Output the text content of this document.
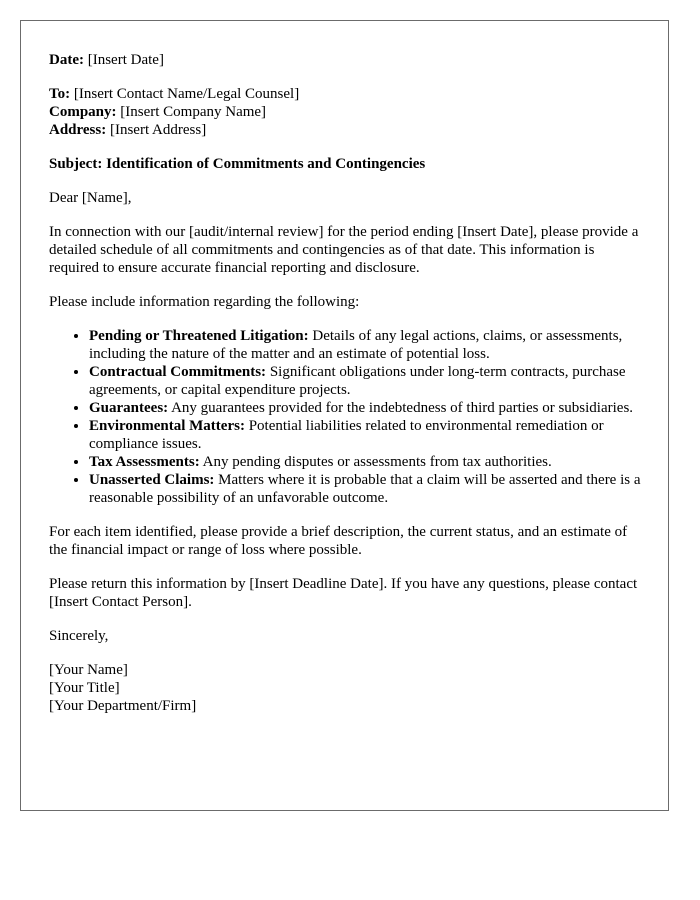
Date: [Insert Date]
To: [Insert Contact Name/Legal Counsel]
Company: [Insert Company Name]
Address: [Insert Address]
Subject: Identification of Commitments and Contingencies
Dear [Name],
In connection with our [audit/internal review] for the period ending [Insert Date], please provide a detailed schedule of all commitments and contingencies as of that date. This information is required to ensure accurate financial reporting and disclosure.
Please include information regarding the following:
• Pending or Threatened Litigation: Details of any legal actions, claims, or assessments, including the nature of the matter and an estimate of potential loss.
• Contractual Commitments: Significant obligations under long-term contracts, purchase agreements, or capital expenditure projects.
• Guarantees: Any guarantees provided for the indebtedness of third parties or subsidiaries.
• Environmental Matters: Potential liabilities related to environmental remediation or compliance issues.
• Tax Assessments: Any pending disputes or assessments from tax authorities.
• Unasserted Claims: Matters where it is probable that a claim will be asserted and there is a reasonable possibility of an unfavorable outcome.
For each item identified, please provide a brief description, the current status, and an estimate of the financial impact or range of loss where possible.
Please return this information by [Insert Deadline Date]. If you have any questions, please contact [Insert Contact Person].
Sincerely,
[Your Name]
[Your Title]
[Your Department/Firm]
